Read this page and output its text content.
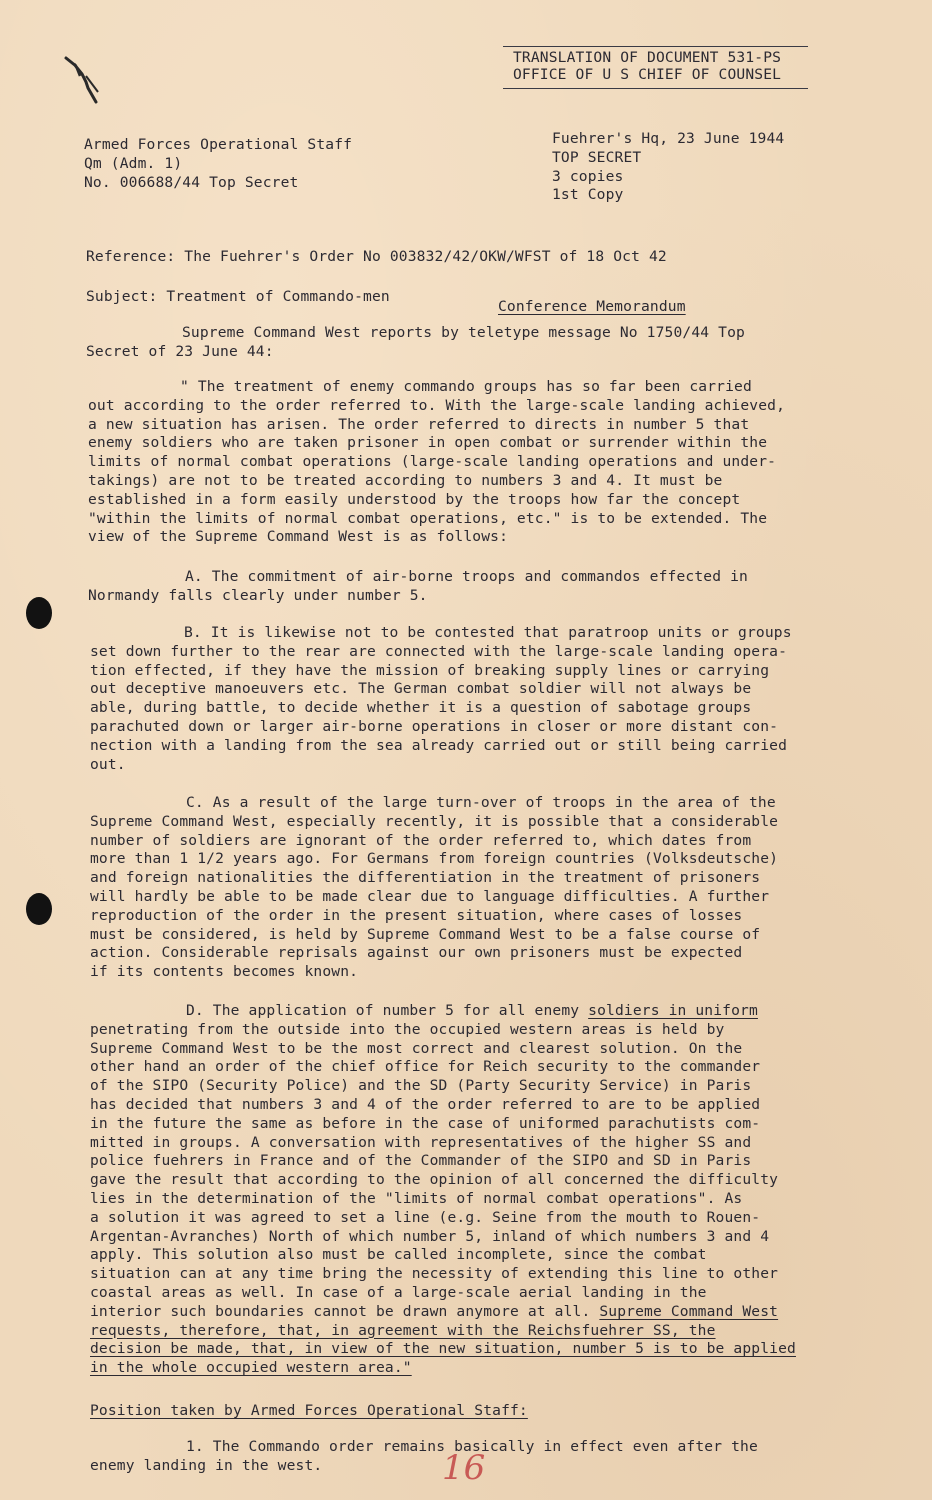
TRANSLATION OF DOCUMENT 531-PS
OFFICE OF U S CHIEF OF COUNSEL
Armed Forces Operational Staff
Qm (Adm. 1)
No. 006688/44 Top Secret
Fuehrer's Hq, 23 June 1944
TOP SECRET
3 copies
1st Copy
Reference: The Fuehrer's Order No 003832/42/OKW/WFST of 18 Oct 42
Subject: Treatment of Commando-men
Conference Memorandum
Supreme Command West reports by teletype message No 1750/44 Top
Secret of 23 June 44:
" The treatment of enemy commando groups has so far been carried
out according to the order referred to. With the large-scale landing achieved,
a new situation has arisen. The order referred to directs in number 5 that
enemy soldiers who are taken prisoner in open combat or surrender within the
limits of normal combat operations (large-scale landing operations and under-
takings) are not to be treated according to numbers 3 and 4. It must be
established in a form easily understood by the troops how far the concept
"within the limits of normal combat operations, etc." is to be extended. The
view of the Supreme Command West is as follows:
A. The commitment of air-borne troops and commandos effected in
Normandy falls clearly under number 5.
B. It is likewise not to be contested that paratroop units or groups
set down further to the rear are connected with the large-scale landing opera-
tion effected, if they have the mission of breaking supply lines or carrying
out deceptive manoeuvers etc. The German combat soldier will not always be
able, during battle, to decide whether it is a question of sabotage groups
parachuted down or larger air-borne operations in closer or more distant con-
nection with a landing from the sea already carried out or still being carried
out.
C. As a result of the large turn-over of troops in the area of the
Supreme Command West, especially recently, it is possible that a considerable
number of soldiers are ignorant of the order referred to, which dates from
more than 1 1/2 years ago. For Germans from foreign countries (Volksdeutsche)
and foreign nationalities the differentiation in the treatment of prisoners
will hardly be able to be made clear due to language difficulties. A further
reproduction of the order in the present situation, where cases of losses
must be considered, is held by Supreme Command West to be a false course of
action. Considerable reprisals against our own prisoners must be expected
if its contents becomes known.
D. The application of number 5 for all enemy soldiers in uniform
penetrating from the outside into the occupied western areas is held by
Supreme Command West to be the most correct and clearest solution. On the
other hand an order of the chief office for Reich security to the commander
of the SIPO (Security Police) and the SD (Party Security Service) in Paris
has decided that numbers 3 and 4 of the order referred to are to be applied
in the future the same as before in the case of uniformed parachutists com-
mitted in groups. A conversation with representatives of the higher SS and
police fuehrers in France and of the Commander of the SIPO and SD in Paris
gave the result that according to the opinion of all concerned the difficulty
lies in the determination of the "limits of normal combat operations". As
a solution it was agreed to set a line (e.g. Seine from the mouth to Rouen-
Argentan-Avranches) North of which number 5, inland of which numbers 3 and 4
apply. This solution also must be called incomplete, since the combat
situation can at any time bring the necessity of extending this line to other
coastal areas as well. In case of a large-scale aerial landing in the
interior such boundaries cannot be drawn anymore at all. Supreme Command West
requests, therefore, that, in agreement with the Reichsfuehrer SS, the
decision be made, that, in view of the new situation, number 5 is to be applied
in the whole occupied western area."
Position taken by Armed Forces Operational Staff:
1. The Commando order remains basically in effect even after the
enemy landing in the west.	16
